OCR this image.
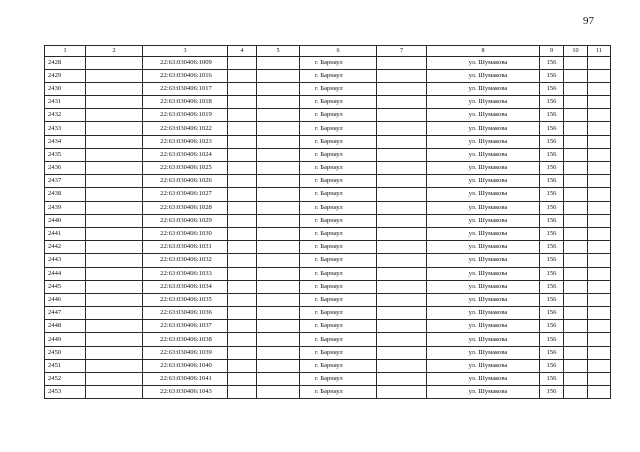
97
1	2	3	4	5	6	7	8	9	10	11	
2428		22:63:030406:1009			г. Барнаул		ул. Шумакова	156			
2429		22:63:030406:1016			г. Барнаул		ул. Шумакова	156			
2430		22:63:030406:1017			г. Барнаул		ул. Шумакова	156			
2431		22:63:030406:1018			г. Барнаул		ул. Шумакова	156			
2432		22:63:030406:1019			г. Барнаул		ул. Шумакова	156			
2433		22:63:030406:1022			г. Барнаул		ул. Шумакова	156			
2434		22:63:030406:1023			г. Барнаул		ул. Шумакова	156			
2435		22:63:030406:1024			г. Барнаул		ул. Шумакова	156			
2436		22:63:030406:1025			г. Барнаул		ул. Шумакова	156			
2437		22:63:030406:1026			г. Барнаул		ул. Шумакова	156			
2438		22:63:030406:1027			г. Барнаул		ул. Шумакова	156			
2439		22:63:030406:1028			г. Барнаул		ул. Шумакова	156			
2440		22:63:030406:1029			г. Барнаул		ул. Шумакова	156			
2441		22:63:030406:1030			г. Барнаул		ул. Шумакова	156			
2442		22:63:030406:1031			г. Барнаул		ул. Шумакова	156			
2443		22:63:030406:1032			г. Барнаул		ул. Шумакова	156			
2444		22:63:030406:1033			г. Барнаул		ул. Шумакова	156			
2445		22:63:030406:1034			г. Барнаул		ул. Шумакова	156			
2446		22:63:030406:1035			г. Барнаул		ул. Шумакова	156			
2447		22:63:030406:1036			г. Барнаул		ул. Шумакова	156			
2448		22:63:030406:1037			г. Барнаул		ул. Шумакова	156			
2449		22:63:030406:1038			г. Барнаул		ул. Шумакова	156			
2450		22:63:030406:1039			г. Барнаул		ул. Шумакова	156			
2451		22:63:030406:1040			г. Барнаул		ул. Шумакова	156			
2452		22:63:030406:1041			г. Барнаул		ул. Шумакова	156			
2453		22:63:030406:1043			г. Барнаул		ул. Шумакова	156			
